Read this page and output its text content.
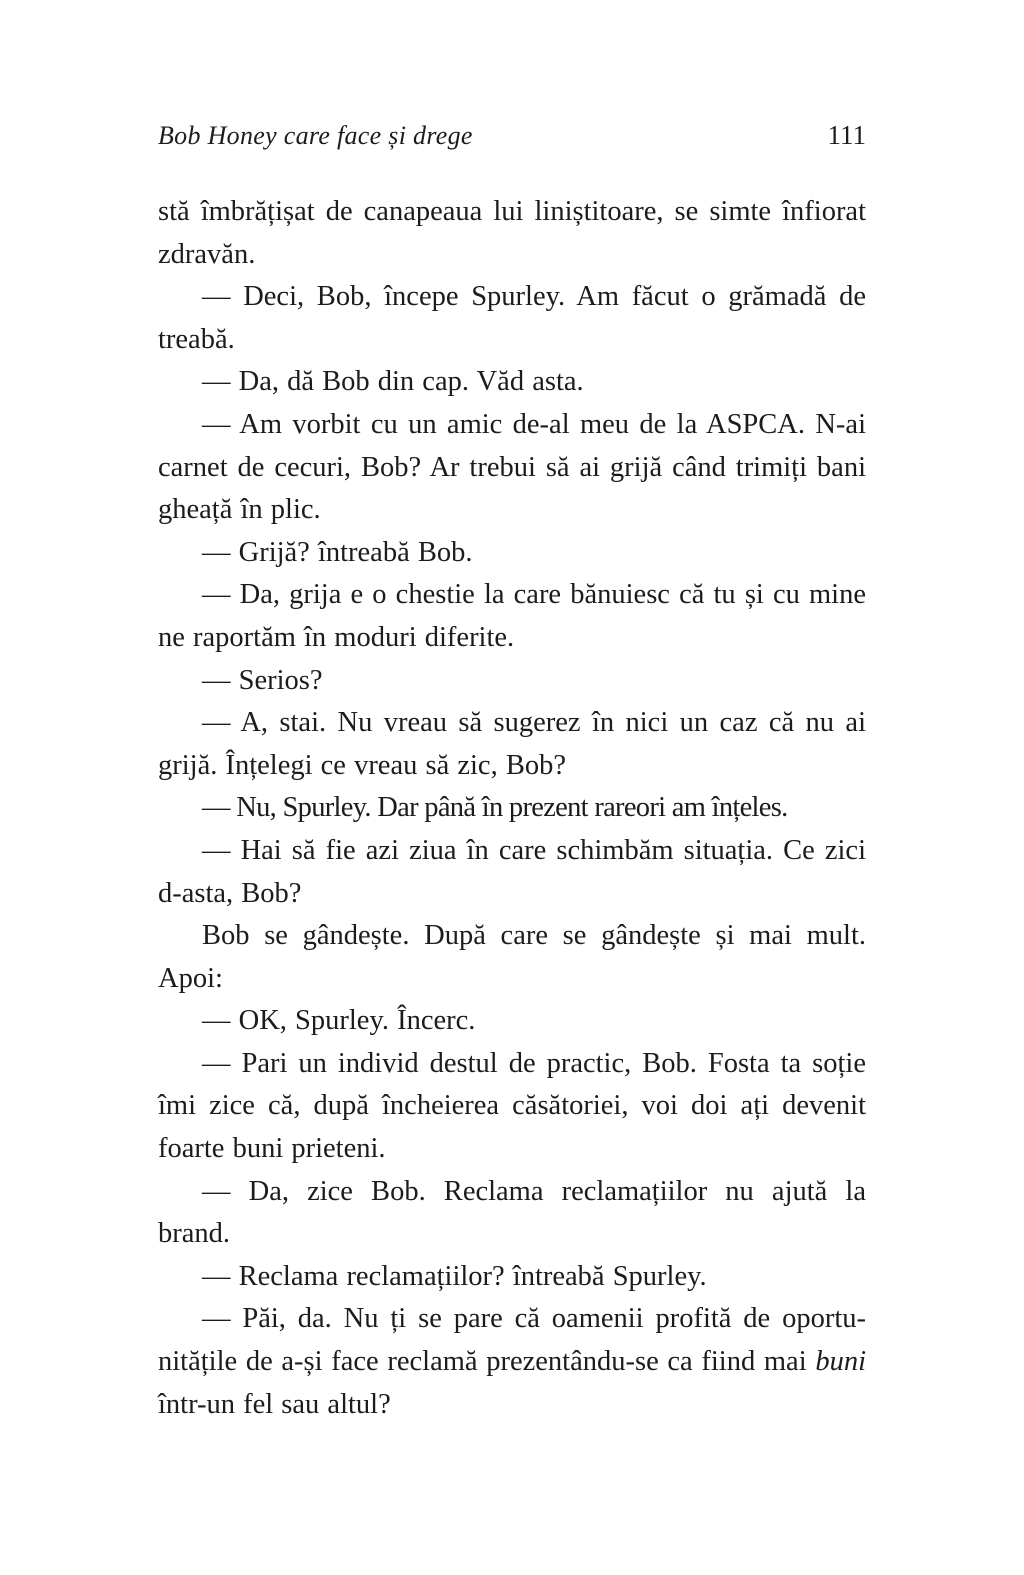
Bob Honey care face și drege	111

stă îmbrățișat de canapeaua lui liniștitoare, se simte înfiorat zdravăn.

— Deci, Bob, începe Spurley. Am făcut o grămadă de treabă.

— Da, dă Bob din cap. Văd asta.

— Am vorbit cu un amic de-al meu de la ASPCA. N-ai carnet de cecuri, Bob? Ar trebui să ai grijă când trimiți bani gheață în plic.

— Grijă? întreabă Bob.

— Da, grija e o chestie la care bănuiesc că tu și cu mine ne raportăm în moduri diferite.

— Serios?

— A, stai. Nu vreau să sugerez în nici un caz că nu ai grijă. Înțelegi ce vreau să zic, Bob?

— Nu, Spurley. Dar până în prezent rareori am înțeles.

— Hai să fie azi ziua în care schimbăm situația. Ce zici d-asta, Bob?

Bob se gândește. După care se gândește și mai mult. Apoi:

— OK, Spurley. Încerc.

— Pari un individ destul de practic, Bob. Fosta ta soție îmi zice că, după încheierea căsătoriei, voi doi ați devenit foarte buni prieteni.

— Da, zice Bob. Reclama reclamațiilor nu ajută la brand.

— Reclama reclamațiilor? întreabă Spurley.

— Păi, da. Nu ți se pare că oamenii profită de oportunitățile de a-și face reclamă prezentându-se ca fiind mai buni într-un fel sau altul?
